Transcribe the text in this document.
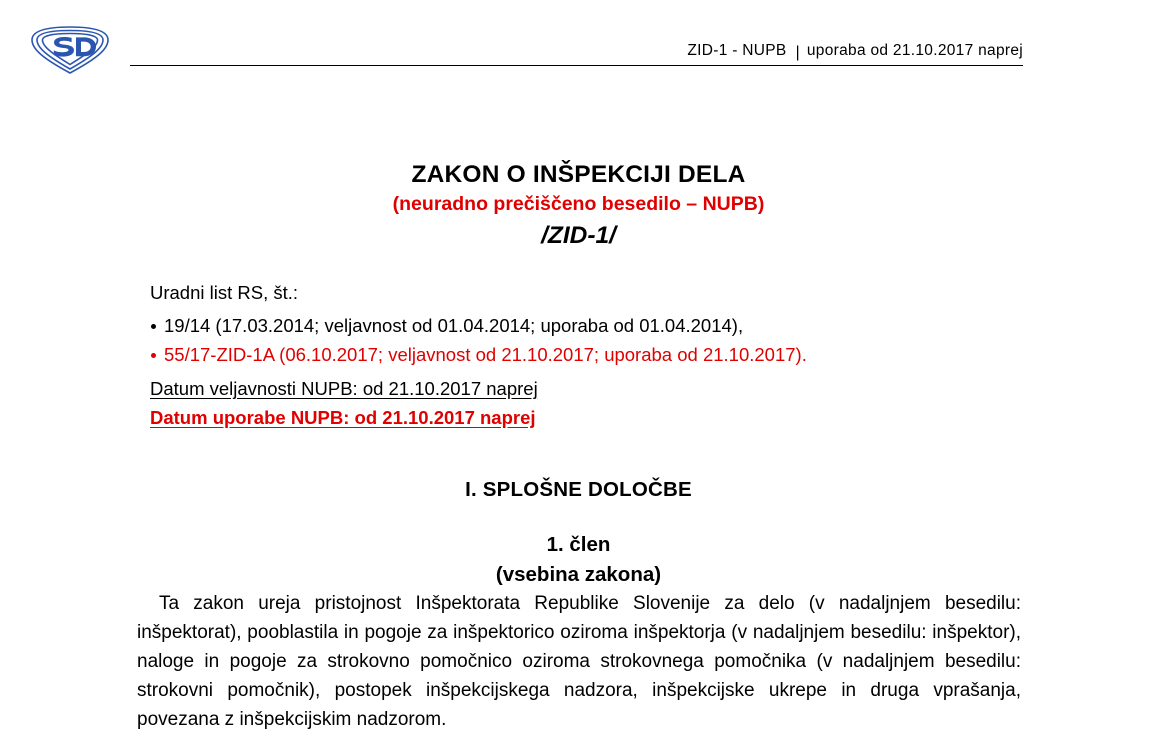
ZID-1 - NUPB | uporaba od 21.10.2017 naprej
ZAKON O INŠPEKCIJI DELA
(neuradno prečiščeno besedilo – NUPB)
/ZID-1/
Uradni list RS, št.:
19/14 (17.03.2014; veljavnost od 01.04.2014; uporaba od 01.04.2014),
55/17-ZID-1A (06.10.2017; veljavnost od 21.10.2017; uporaba od 21.10.2017).
Datum veljavnosti NUPB: od 21.10.2017 naprej
Datum uporabe NUPB: od 21.10.2017 naprej
I. SPLOŠNE DOLOČBE
1. člen
(vsebina zakona)
Ta zakon ureja pristojnost Inšpektorata Republike Slovenije za delo (v nadaljnjem besedilu: inšpektorat), pooblastila in pogoje za inšpektorico oziroma inšpektorja (v nadaljnjem besedilu: inšpektor), naloge in pogoje za strokovno pomočnico oziroma strokovnega pomočnika (v nadaljnjem besedilu: strokovni pomočnik), postopek inšpekcijskega nadzora, inšpekcijske ukrepe in druga vprašanja, povezana z inšpekcijskim nadzorom.
